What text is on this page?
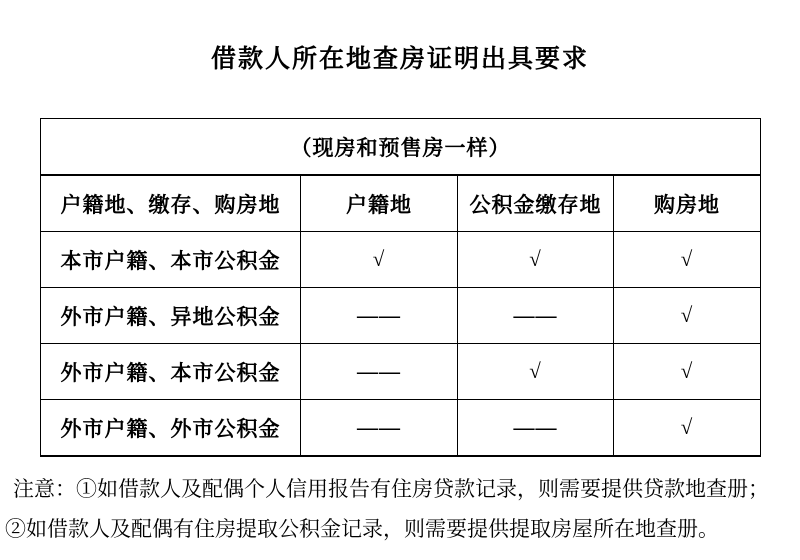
借款人所在地查房证明出具要求
（现房和预售房一样）			
户籍地、缴存、购房地	户籍地	公积金缴存地	购房地
本市户籍、本市公积金	√	√	√
外市户籍、异地公积金	——	——	√
外市户籍、本市公积金	——	√	√
外市户籍、外市公积金	——	——	√

注意：①如借款人及配偶个人信用报告有住房贷款记录，则需要提供贷款地查册；

②如借款人及配偶有住房提取公积金记录，则需要提供提取房屋所在地查册。
